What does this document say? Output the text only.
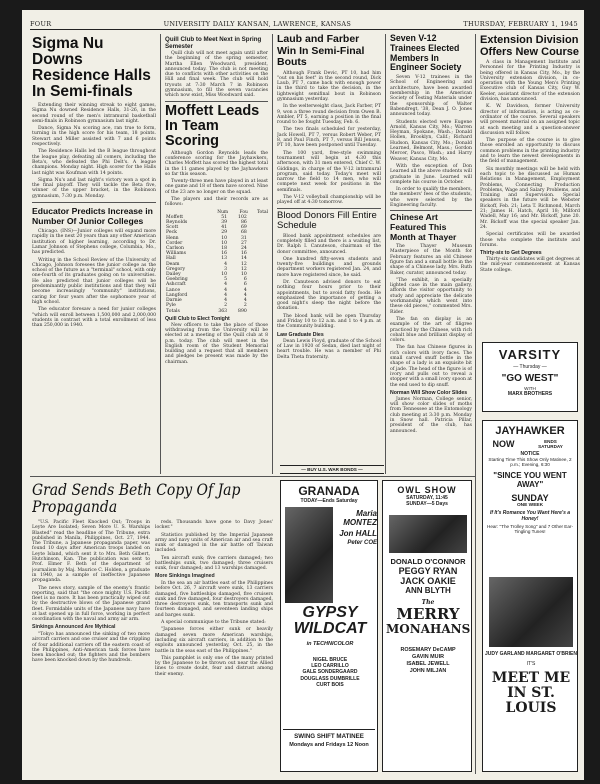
FOUR	UNIVERSITY DAILY KANSAN, LAWRENCE, KANSAS	THURSDAY, FEBRUARY 1, 1945
Sigma Nu Downs Residence Halls In Semi-finals

Extending their winning streak to eight games, Sigma Nu downed Residence Halls, 31-26, in the second round of the men's intramural basketball semi-finals in Robinson gymnasium last night.

Dance, Sigma Nu scoring ace, ran true to form, turning in the high score for his team, 18 points. Stewart and Miller assisted with 7 and 6 points respectively.

The Residence Halls led the B league throughout the league play, defeating all comers, including the Beta's, who defeated the Phi Delt's. A league champions. Monday night. High scorer for the Halls last night was Koufman with 14 points.

Sigma Nu's and last night's victory won a spot in the final playoff. They will tackle the Beta five, winner of the upper bracket, in the Robinson gymnasium, 7:30 p.m. Monday.

Educator Predicts Increase in Number Of Junior Colleges

Chicago. (INS)—Junior colleges will expand more rapidly in the next 20 years than any other American institution of higher learning, according to Dr. Lamar Johnson of Stephens college, Columbia, Mo., has predicted.

Writing in the School Review of the University of Chicago, Johnson foresees the junior college as the school of the future as a "terminal" school, with only one-fourth of its graduates going on to universities. He also predicted that junior colleges will be predominantly public institutions and that they will become increasingly "community" institutions, caring for four years after the sophomore year of high school.

The educator foresaw a need for junior colleges "which will enroll between 1,500,000 and 2,000,000 students in contrast with a total enrollment of less than 250,000 in 1940.

Quill Club to Meet Next in Spring Semester

Quill club will not meet again until after the beginning of the spring semester, Martha Ellen Woodward, president, announced today. The club is not meeting due to conflicts with other activities on the Hill and final week. The club will hold tryouts at 7:30 March 7 in Robinson gymnasium, to fill the seven vacancies which now exist, Miss Woodward said.

Moffett Leads In Team Scoring

Although Gordon Reynolds leads the conference scoring for the Jayhawkers, Charles Moffett has scored the highest total in the 11 games played by the Jayhawkers so far this season.

Twenty-three men have played in at least one game and 18 of them have scored. Nine of the 23 are no longer on the squad.

The players and their records are as follows:

	Num	Fou	Total
Moffett	51	102	
Reynolds	39	86	
Scott	41	69	
Peck	29	68	
Henn	10	31	
Corder	10	27	
Carlson	18	24	
Williams	16	16	
Hall	13	14	
Deam	4	12	
Gregory	3	12	
Dailey	10	10	
Goebring	5	6	
Ashcraft	4	6	
Lance	4	4	
Langford	4	4	
Darnie	4	4	
Pyle	2	2	
Totals	363	890	
Quill Club to Elect Tonight

New officers to take the place of those withdrawing from the University will be elected at a meeting of the Quill club at 8 p.m. today. The club will meet in the English room of the Student Memorial building and a request that all members and pledges be present was made by the chairman.

Laub and Farber Win In Semi-Final Bouts

Although Frank Devic, PT 10, had him "out on his feet" in the second round, Dick Laub, PT 7, came back with enough power in the third to take the decision, in the lightweight semifinal bout in Robinson gymnasium yesterday.

In the welterweight class, Jack Farber, PT 9, won a three round decision from Owen B. Ambler, PT 5, earning a position in the final round to be fought Tuesday, Feb. 6.

The two finals scheduled for yesterday, Jack Howell, PT 7, versus Robert Weber, PT 8, and Paul Finch, PT 7, versus Bill Jenson, PT 10, have been postponed until Tuesday.

The 100 yard, free-style swimming tournament will begin at 4:30 this afternoon, with 31 men entered, Chief C. W. Giddings, in charge of the V-12 intramural program, said today. Today's meet will narrow the field to 14 men, who will compete next week for positions in the semifinals.

The V-12 volleyball championship will be played off at 4:30 tomorrow.

Blood Donors Fill Entire Schedule

Blood bank appointment schedules are completely filled and there is a waiting list, Dr. Ralph I. Canuteson, chairman of the donor committee, announced.

One hundred fifty-seven students and twenty-five buildings and grounds department workers registered Jan. 24, and more have registered since, he said.

Dr. Canuteson advised donors to eat nothing four hours prior to their appointments, but to avoid fatty foods. He emphasized the importance of getting a good night's sleep the night before the donation.

The blood bank will be open Thursday and Friday 10 to 12 a.m. and 1 to 4 p.m. at the Community building.

Law Graduate Dies

Dean Lewis Floyd, graduate of the School of Law in 1920 of Sedan, died last night of heart trouble. He was a member of Phi Delta Theta fraternity.

Seven V-12 Trainees Elected Members In Engineer Society

Seven V-12 trainees in the School of Engineering and architecture, have been awarded membership in the American Society of Testing Materials under the sponsorship of Walter Babendregt, '38, Dean J. O. Jones announced today.

Students elected were Eugene Arnold, Kansas City, Mo.; Warren Heyman, Spokane, Wash.; Donald Hollen, Brooklyn, Calif.; Richard Hudson, Kansas City, Mo.; Donald Learned, Belmont, Mass.; Gordon Mercer, Pasco, Wash.; and Harry Weaver, Kansas City, Mo.

With the exception of Don Learned all the above students will graduate in June. Learned will complete his course in October.

In order to qualify the members, the members' fees of the students, who were selected by the Engineering faculty.

Chinese Art Featured This Month at Thayer

The Thayer Museum Masterpiece of the Month for February features an old Chinese figure fan and a small bottle in the shape of a Chinese lady, Mrs. Ruth Baker, curator, announced today.

"The exhibit, in a specially lighted case in the main gallery, affords the visitor opportunity to study and appreciate the delicate workmanship which went into these old pieces," commented Mrs. Rider.

The fan on display is an example of the art of filigree practiced by the Chinese, with rich cobalt blue and brilliant display of colors.

The fan has Chinese figures in rich colors with ivory faces. The small carved snuff bottle in the shape of a lady is an exquisite bit of jade. The head of the figure is of ivory and pulls out to reveal a stopper with a small ivory spoon at the end used to dip snuff.

Norman Will Show Color Slides

James Norman, College senior, will show color slides of moths from Tennessee at the Entomology club meeting at 3:30 p.m. Monday in Snow hall. Patricia Pillar, president of the club, has announced.

Extension Division Offers New Course

A class in Management Institute and Personnel for the Printing Industry is being offered in Kansas City, Mo., by the University extension division, in co-operation with the Young Men's Printing Executive club of Kansas City, Guy W. Keeler, assistant director of the extension division, has announced.

K. W. Davidson, former University director of information, is acting as co-ordinator of the course. Several speakers will present material on an assigned topic at each meeting and a question-answer discussion will follow.

The purpose of the course is to give those enrolled an opportunity to discuss common problems in the printing industry and to learn the newest developments in the field of management.

Six monthly meetings will be held with each topic to be discussed as Human Relations in Management, Employment Problems, Connecting Production Problems, Wage and Salary Problems, and Training and Supervision. Special speakers in the future will be Webster Bickoff, Feb. 21; Leta T. Richmond, March 21; James H. Hatch, April 18; Milford Wadell, May 16; and Mr. Bickoff, June 20. Mr. Bickoff was the special speaker Jan. 24.

Special certificates will be awarded those who complete the institute and forums.

Thirty-six to Get Degrees

Thirty-six candidates will get degrees at the mid-year commencement at Kansas State college.

VARSITY
— Thursday —
"GO WEST"
WITH
MARX BROTHERS
Grad Sends Beth Copy Of Jap Propaganda

"U.S. Pacific Fleet Knocked Out; Troops in Leyte Are Isolated; Seven More U. S. Warships Blasted" read the headline of The Tribune, extra published in Manila, Philippines, Oct. 27, 1944. The Tribune, a Japanese propaganda paper, was found 10 days after American troops landed on Leyte Island, which sent it to Mrs. Beth Gilbert, Hutchinson, Kan. The publication was sent to Prof. Elmer F. Beth of the department of journalism by Maj. Maurice C. Holden, a graduate in 1940, as a sample of ineffective Japanese propaganda.

The news story, sample of the enemy's frantic reporting, said that "the once mighty U.S. Pacific fleet is no more. It has been practically wiped out by the destructive blows of the Japanese grand fleet. Formidable units of the Japanese navy have at last opened up in full force, working in perfect coordination with the naval and army air arm.

Sinkings Announced Are Mythical

"Tokyo has announced the sinking of two more aircraft carriers and one cruiser and the crippling of four additional carriers off the eastern coast of the Philippines, Anti-American task forces have been knocked out; the fighters and the bombers have been knocked down by the hundreds.

reds. Thousands have gone to Davy Jones' locker."

Statistics published by the Imperial Japanese army and navy units of American air and sea craft sunk or damaged in the air battle off Taiwan included:

Ten aircraft sunk; five carriers damaged; two battleships sunk, two damaged; three cruisers sunk, four damaged; and 13 warships damaged.

More Sinkings Imagined

In the sea an air battles east of the Philippines before Oct. 26, 7 aircraft were sunk, 13 carriers damaged, five battleships damaged, five cruisers sunk and five damaged, four destroyers damaged, three destroyers sunk, ten transports sunk and fourteen damaged, and seventeen landing ships and barges sunk.

A special communique to the Tribune stated:

"Japanese forces either sunk or heavily damaged seven more American warships, including six aircraft carriers, in addition to the exploits announced yesterday, Oct. 25, in the battle in the seas east of the Philippines."

This pamphlet is only one of the many printed by the Japanese to be thrown out near the Allied lines to create doubt, fear and distrust among their enemy.

— BUY U.S. WAR BONDS —
GRANADA
TODAY—Ends Saturday
Maria MONTEZ
Jon HALL
Peter COE
GYPSY WILDCAT
in TECHNICOLOR
NIGEL BRUCE
LEO CARRILLO
GALE SONDERGAARD
DOUGLASS DUMBRILLE
CURT BOIS
SWING SHIFT MATINEE
Mondays and Fridays 12 Noon
OWL SHOW
SATURDAY, 11:45
SUNDAY—5 Days
DONALD O'CONNOR
PEGGY RYAN
JACK OAKIE
ANN BLYTH
The
MERRY
MONAHANS
ROSEMARY DeCAMP
GAVIN MUIR
ISABEL JEWELL
JOHN MILJAN
JAYHAWKER
NOW	ENDS SATURDAY
NOTICE
Starting Time This Show Only Matinee, 2 p.m.; Evening, 6:30
"SINCE YOU WENT AWAY"
SUNDAY
ONE WEEK
If It's Romance You Want Here's a Honey!
Hear: "The Trolley Song" and 7 Other Ear-Tingling Tunes!
JUDY GARLAND MARGARET O'BRIEN
IT'S
MEET ME IN ST. LOUIS
